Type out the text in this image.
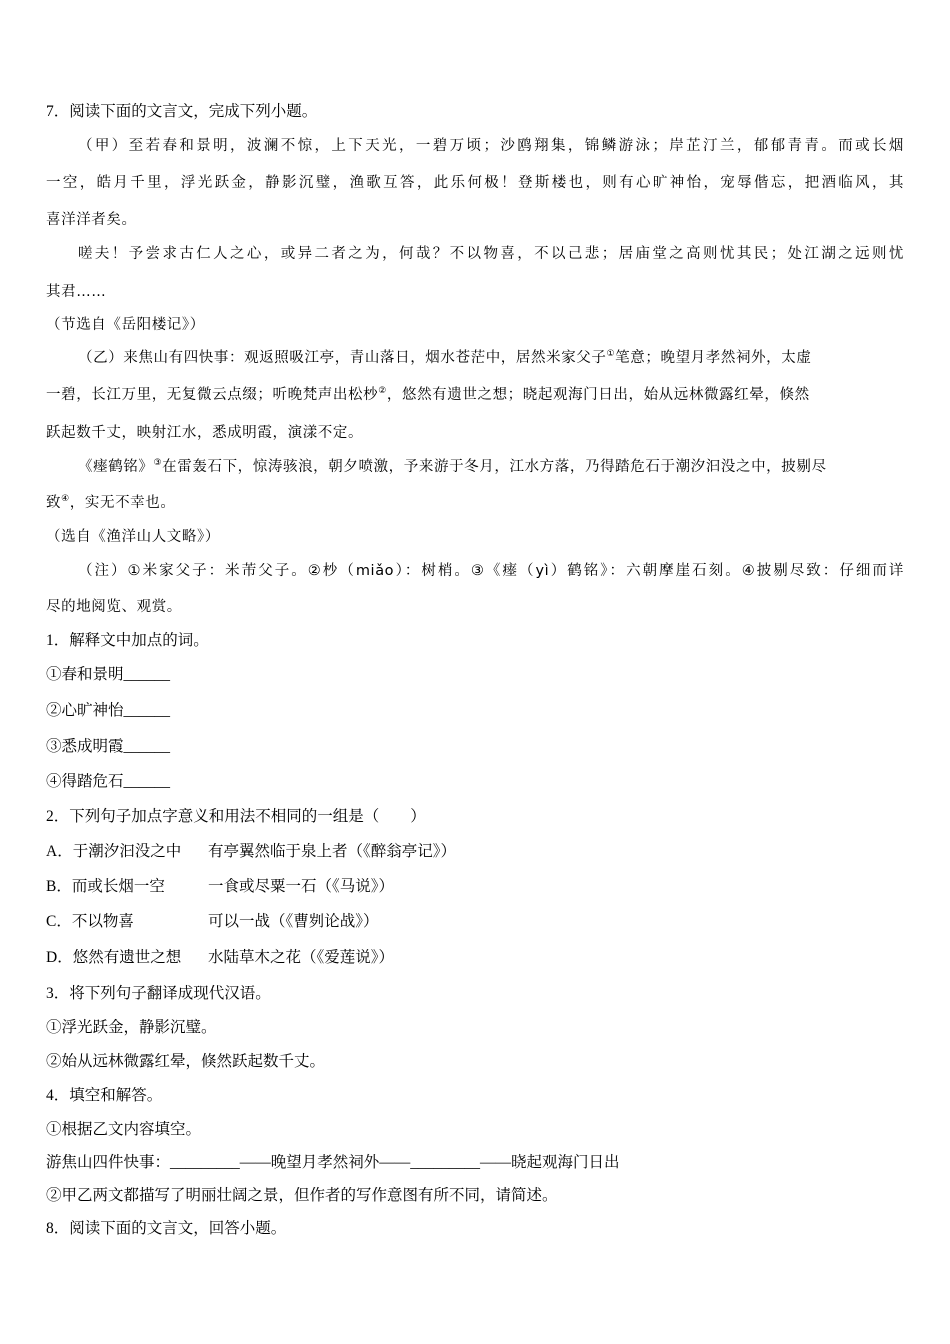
7．阅读下面的文言文，完成下列小题。
（甲）至若春和景明，波澜不惊，上下天光，一碧万顷；沙鸥翔集，锦鳞游泳；岸芷汀兰，郁郁青青。而或长烟
一空，皓月千里，浮光跃金，静影沉璧，渔歌互答，此乐何极！登斯楼也，则有心旷神怡，宠辱偕忘，把酒临风，其
喜洋洋者矣。
嗟夫！予尝求古仁人之心，或异二者之为，何哉？不以物喜，不以己悲；居庙堂之高则忧其民；处江湖之远则忧
其君……
（节选自《岳阳楼记》）
（乙）来焦山有四快事：观返照吸江亭，青山落日，烟水苍茫中，居然米家父子①笔意；晚望月孝然祠外，太虚
一碧，长江万里，无复微云点缀；听晚梵声出松杪②，悠然有遗世之想；晓起观海门日出，始从远林微露红晕，倏然
跃起数千丈，映射江水，悉成明霞，演漾不定。
《瘗鹤铭》③在雷轰石下，惊涛骇浪，朝夕喷激，予来游于冬月，江水方落，乃得踏危石于潮汐汩没之中，披剔尽
致④，实无不幸也。
（选自《渔洋山人文略》）
（注）①米家父子：米芾父子。②杪（miǎo）：树梢。③《瘗（yì）鹤铭》：六朝摩崖石刻。④披剔尽致：仔细而详
尽的地阅览、观赏。
1．解释文中加点的词。
①春和景明______
②心旷神怡______
③悉成明霞______
④得踏危石______
2．下列句子加点字意义和用法不相同的一组是（　　）
A．于潮汐汩没之中 有亭翼然临于泉上者（《醉翁亭记》）
B．而或长烟一空	一食或尽粟一石（《马说》）
C．不以物喜	可以一战（《曹刿论战》）
D．悠然有遗世之想 水陆草木之花（《爱莲说》）
3．将下列句子翻译成现代汉语。
①浮光跃金，静影沉璧。
②始从远林微露红晕，倏然跃起数千丈。
4．填空和解答。
①根据乙文内容填空。
游焦山四件快事：_________——晚望月孝然祠外——_________——晓起观海门日出
②甲乙两文都描写了明丽壮阔之景，但作者的写作意图有所不同，请简述。
8．阅读下面的文言文，回答小题。
